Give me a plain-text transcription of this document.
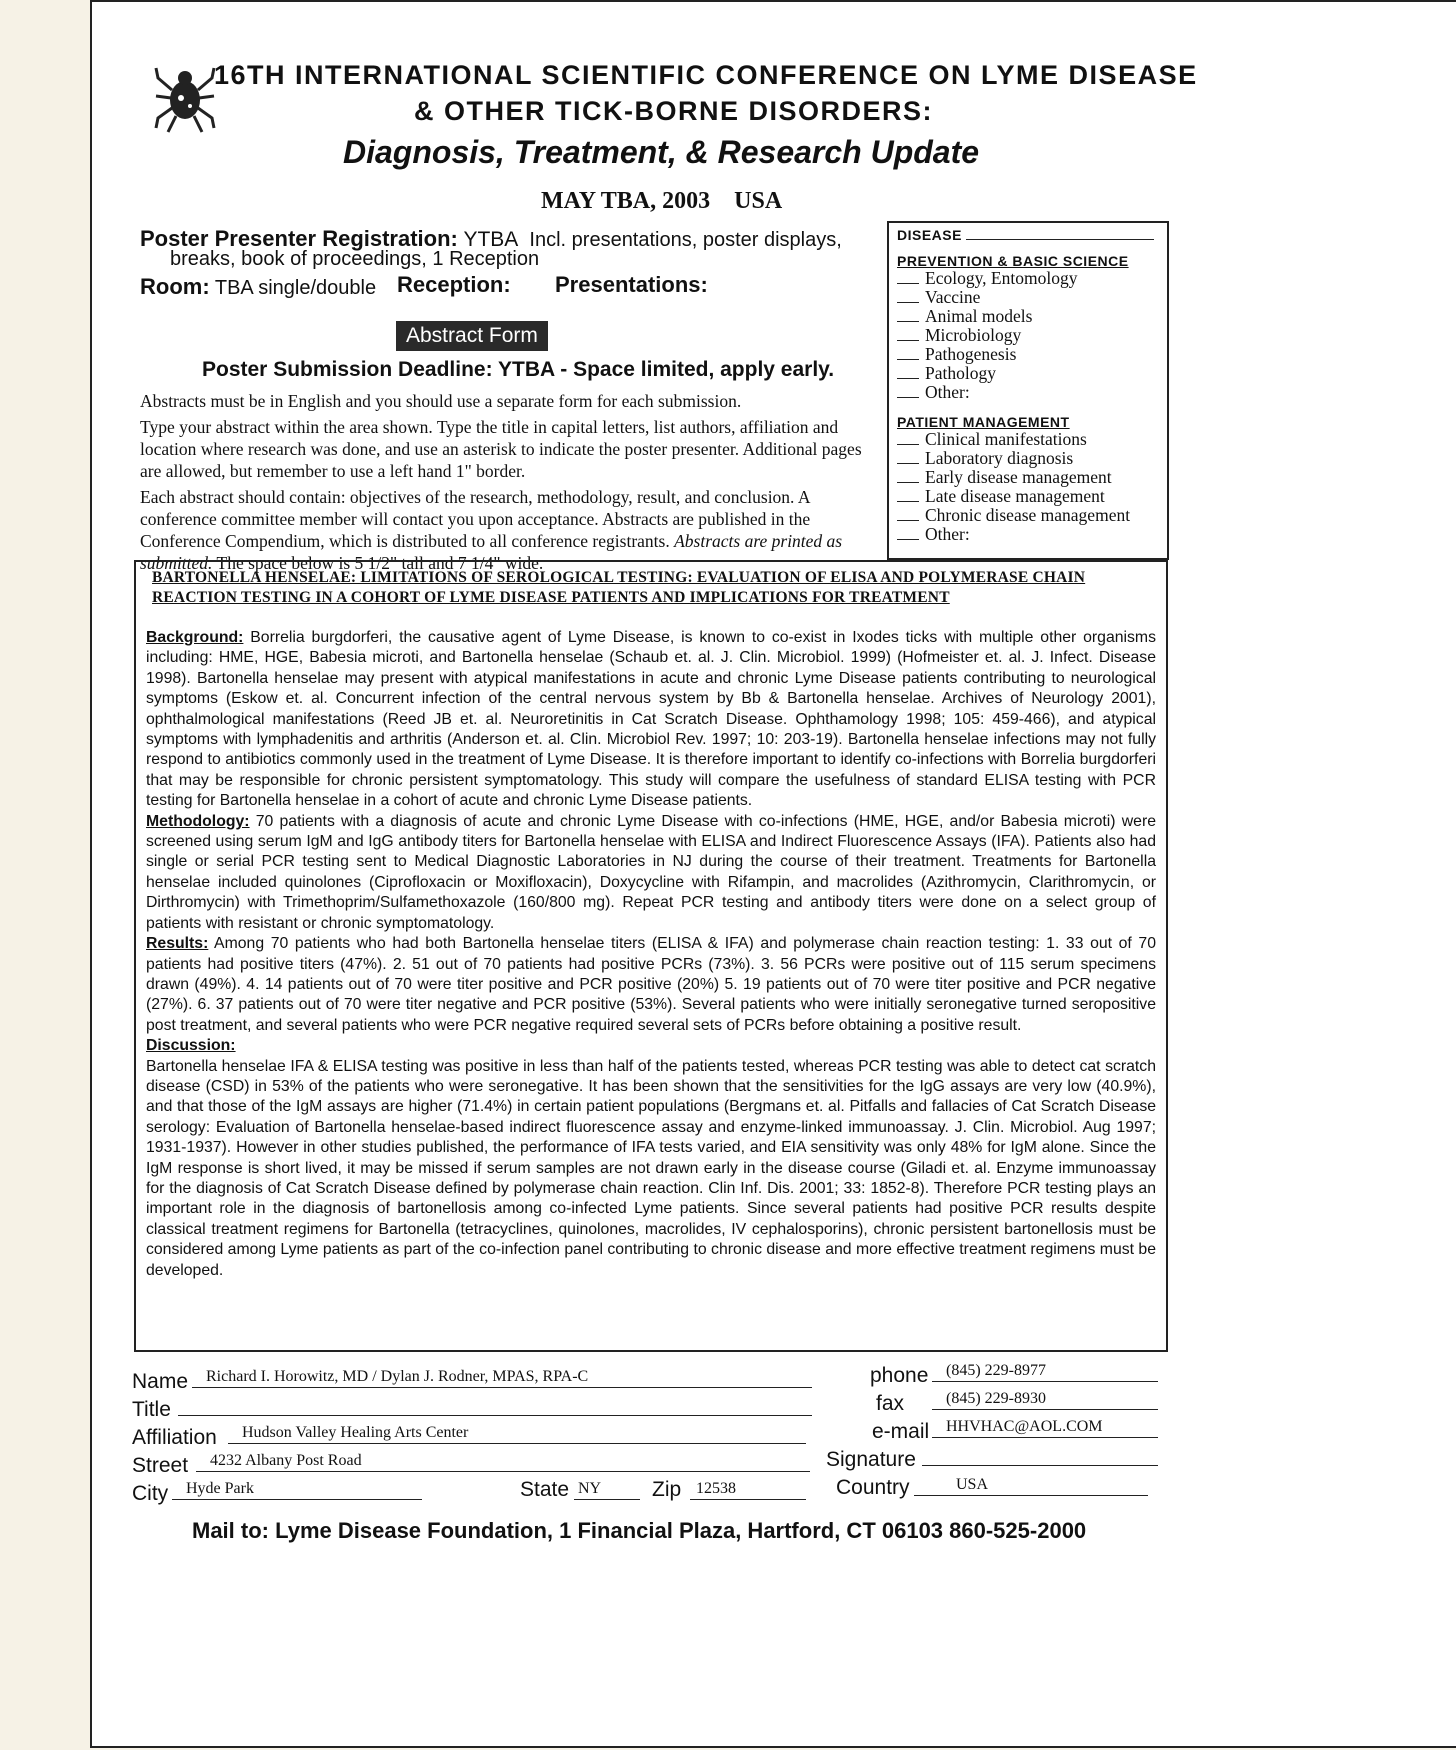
16TH INTERNATIONAL SCIENTIFIC CONFERENCE ON LYME DISEASE
& OTHER TICK-BORNE DISORDERS:
Diagnosis, Treatment, & Research Update
MAY TBA, 2003 USA
Poster Presenter Registration: YTBA Incl. presentations, poster displays,
breaks, book of proceedings, 1 Reception
Room: TBA single/double Reception: Presentations:
Abstract Form
Poster Submission Deadline: YTBA - Space limited, apply early.

Abstracts must be in English and you should use a separate form for each submission.

Type your abstract within the area shown. Type the title in capital letters, list authors, affiliation and location where research was done, and use an asterisk to indicate the poster presenter. Additional pages are allowed, but remember to use a left hand 1" border.

Each abstract should contain: objectives of the research, methodology, result, and conclusion. A conference committee member will contact you upon acceptance. Abstracts are published in the Conference Compendium, which is distributed to all conference registrants. Abstracts are printed as submitted. The space below is 5 1/2" tall and 7 1/4" wide.

DISEASE
PREVENTION & BASIC SCIENCE
Ecology, Entomology
Vaccine
Animal models
Microbiology
Pathogenesis
Pathology
Other:
PATIENT MANAGEMENT
Clinical manifestations
Laboratory diagnosis
Early disease management
Late disease management
Chronic disease management
Other:
BARTONELLA HENSELAE: LIMITATIONS OF SEROLOGICAL TESTING: EVALUATION OF ELISA AND POLYMERASE CHAIN REACTION TESTING IN A COHORT OF LYME DISEASE PATIENTS AND IMPLICATIONS FOR TREATMENT
Background: Borrelia burgdorferi, the causative agent of Lyme Disease, is known to co-exist in Ixodes ticks with multiple other organisms including: HME, HGE, Babesia microti, and Bartonella henselae (Schaub et. al. J. Clin. Microbiol. 1999) (Hofmeister et. al. J. Infect. Disease 1998). Bartonella henselae may present with atypical manifestations in acute and chronic Lyme Disease patients contributing to neurological symptoms (Eskow et. al. Concurrent infection of the central nervous system by Bb & Bartonella henselae. Archives of Neurology 2001), ophthalmological manifestations (Reed JB et. al. Neuroretinitis in Cat Scratch Disease. Ophthamology 1998; 105: 459-466), and atypical symptoms with lymphadenitis and arthritis (Anderson et. al. Clin. Microbiol Rev. 1997; 10: 203-19). Bartonella henselae infections may not fully respond to antibiotics commonly used in the treatment of Lyme Disease. It is therefore important to identify co-infections with Borrelia burgdorferi that may be responsible for chronic persistent symptomatology. This study will compare the usefulness of standard ELISA testing with PCR testing for Bartonella henselae in a cohort of acute and chronic Lyme Disease patients.
Methodology: 70 patients with a diagnosis of acute and chronic Lyme Disease with co-infections (HME, HGE, and/or Babesia microti) were screened using serum IgM and IgG antibody titers for Bartonella henselae with ELISA and Indirect Fluorescence Assays (IFA). Patients also had single or serial PCR testing sent to Medical Diagnostic Laboratories in NJ during the course of their treatment. Treatments for Bartonella henselae included quinolones (Ciprofloxacin or Moxifloxacin), Doxycycline with Rifampin, and macrolides (Azithromycin, Clarithromycin, or Dirthromycin) with Trimethoprim/Sulfamethoxazole (160/800 mg). Repeat PCR testing and antibody titers were done on a select group of patients with resistant or chronic symptomatology.
Results: Among 70 patients who had both Bartonella henselae titers (ELISA & IFA) and polymerase chain reaction testing: 1. 33 out of 70 patients had positive titers (47%). 2. 51 out of 70 patients had positive PCRs (73%). 3. 56 PCRs were positive out of 115 serum specimens drawn (49%). 4. 14 patients out of 70 were titer positive and PCR positive (20%) 5. 19 patients out of 70 were titer positive and PCR negative (27%). 6. 37 patients out of 70 were titer negative and PCR positive (53%). Several patients who were initially seronegative turned seropositive post treatment, and several patients who were PCR negative required several sets of PCRs before obtaining a positive result.
Discussion:
Bartonella henselae IFA & ELISA testing was positive in less than half of the patients tested, whereas PCR testing was able to detect cat scratch disease (CSD) in 53% of the patients who were seronegative. It has been shown that the sensitivities for the IgG assays are very low (40.9%), and that those of the IgM assays are higher (71.4%) in certain patient populations (Bergmans et. al. Pitfalls and fallacies of Cat Scratch Disease serology: Evaluation of Bartonella henselae-based indirect fluorescence assay and enzyme-linked immunoassay. J. Clin. Microbiol. Aug 1997; 1931-1937). However in other studies published, the performance of IFA tests varied, and EIA sensitivity was only 48% for IgM alone. Since the IgM response is short lived, it may be missed if serum samples are not drawn early in the disease course (Giladi et. al. Enzyme immunoassay for the diagnosis of Cat Scratch Disease defined by polymerase chain reaction. Clin Inf. Dis. 2001; 33: 1852-8). Therefore PCR testing plays an important role in the diagnosis of bartonellosis among co-infected Lyme patients. Since several patients had positive PCR results despite classical treatment regimens for Bartonella (tetracyclines, quinolones, macrolides, IV cephalosporins), chronic persistent bartonellosis must be considered among Lyme patients as part of the co-infection panel contributing to chronic disease and more effective treatment regimens must be developed.
Name	Richard I. Horowitz, MD / Dylan J. Rodner, MPAS, RPA-C
Title
Affiliation	Hudson Valley Healing Arts Center
Street	4232 Albany Post Road
City	Hyde Park	State NY	Zip 12538
phone	(845) 229-8977
fax	(845) 229-8930
e-mail	HHVHAC@AOL.COM
Signature
Country	USA
Mail to: Lyme Disease Foundation, 1 Financial Plaza, Hartford, CT 06103 860-525-2000
